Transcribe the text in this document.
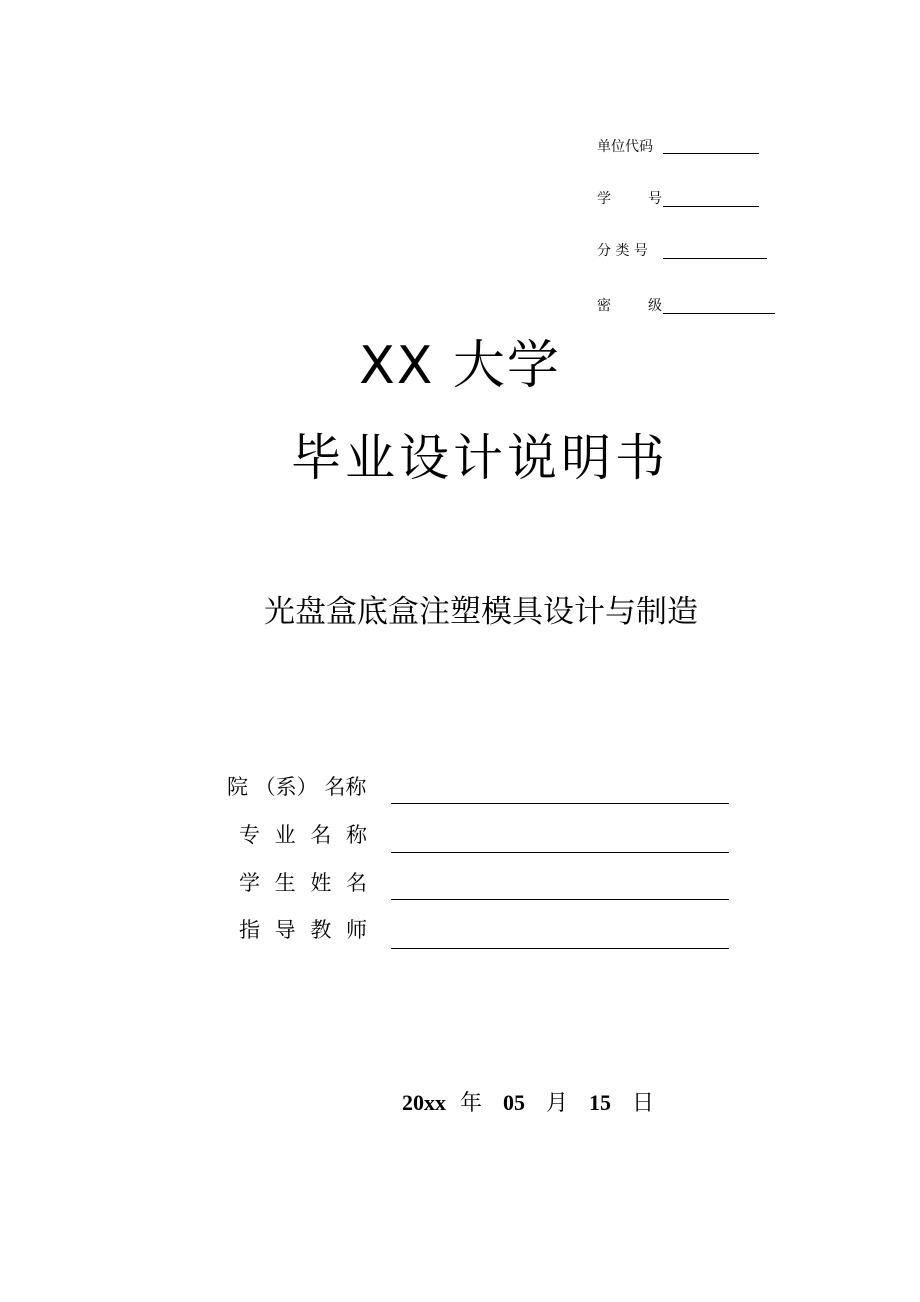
单位代码
学　　号
分 类 号
密　　级
XX 大学
毕业设计说明书
光盘盒底盒注塑模具设计与制造
院 （系） 名称
专 业 名 称
学 生 姓 名
指 导 教 师

20xx 年 05 月 15 日
